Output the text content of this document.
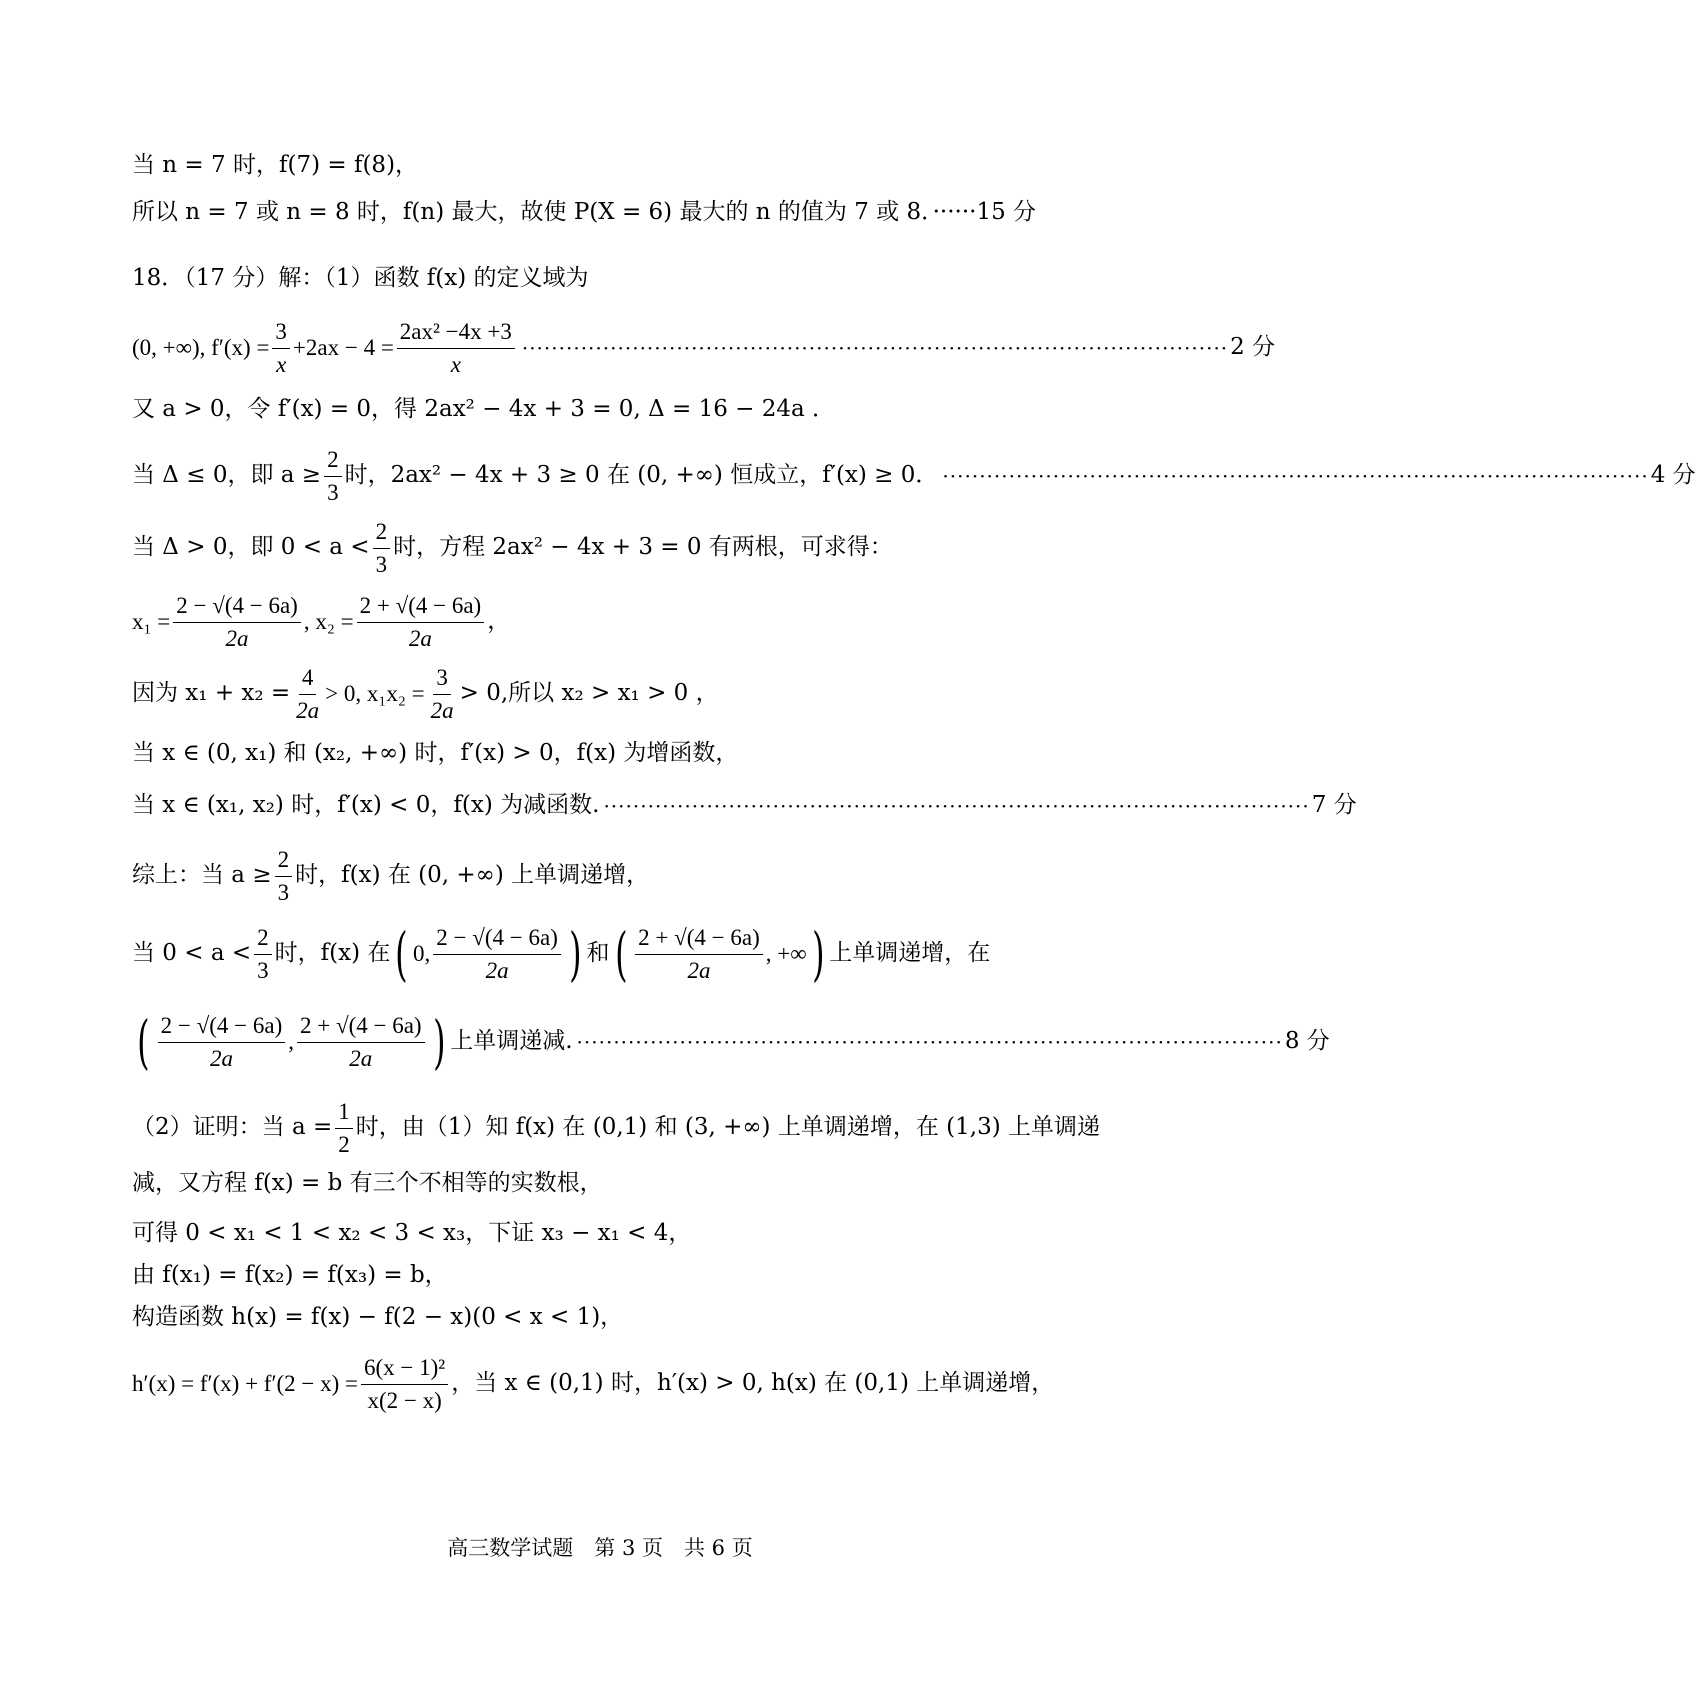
当 n = 7 时，f(7) = f(8)，
所以 n = 7 或 n = 8 时，f(n) 最大，故使 P(X = 6) 最大的 n 的值为 7 或 8．······15 分
18．（17 分）解：（1）函数 f(x) 的定义域为
(0, +∞), $f'(x) = \frac{3}{x} +2ax - 4 = \frac{\text{2ax² −4x +3}}{x}$ ································································································ 2 分
又 a > 0，令 f′(x) = 0，得 2ax² − 4x + 3 = 0, Δ = 16 − 24a ．
当 Δ ≤ 0，即 $a \ge \frac{2}{3}$ 时，2ax² − 4x + 3 ≥ 0 在 (0, +∞) 恒成立，f′(x) ≥ 0． ································································································ 4 分
当 Δ > 0，即 $0 < a < \frac{2}{3}$ 时，方程 2ax² − 4x + 3 = 0 有两根，可求得：
$x_1 = \frac{2 - √(4 - 6a)}{2a}$ , $x_2 = \frac{2 + √(4 - 6a)}{2a}$ ，
因为 $x_1 + x_2 = \frac{4}{2a} > 0$, $x_1x_2 = \frac{3}{2a} > 0$,所以 x₂ > x₁ > 0 ，
当 x ∈ (0, x₁) 和 (x₂, +∞) 时，f′(x) > 0，f(x) 为增函数，
当 x ∈ (x₁, x₂) 时，f′(x) < 0，f(x) 为减函数. ································································································ 7 分
综上：当 $a \ge \frac{2}{3}$ 时，f(x) 在 (0, +∞) 上单调递增，
当 $0 < a < \frac{2}{3}$ 时，f(x) 在 ( 0, $\frac{2 - √(4 - 6a)}{2a}$ ) 和 ( $\frac{2 + √(4 - 6a)}{2a}$ , +∞ ) 上单调递增，在
( $\frac{2 - √(4 - 6a)}{2a}$ , $\frac{2 + √(4 - 6a)}{2a}$ ) 上单调递减. ································································································ 8 分
（2）证明：当 $a = \frac{1}{2}$ 时，由（1）知 f(x) 在 (0,1) 和 (3, +∞) 上单调递增，在 (1,3) 上单调递
减，又方程 f(x) = b 有三个不相等的实数根，
可得 0 < x₁ < 1 < x₂ < 3 < x₃，下证 x₃ − x₁ < 4，
由 f(x₁) = f(x₂) = f(x₃) = b，
构造函数 h(x) = f(x) − f(2 − x)(0 < x < 1)，
$h'(x) = f'(x) + f'(2 - x) = \frac{\text{6(x − 1)²}}{x(2 - x)}$ ，当 x ∈ (0,1) 时，h′(x) > 0, h(x) 在 (0,1) 上单调递增，
高三数学试题　第 3 页　共 6 页
